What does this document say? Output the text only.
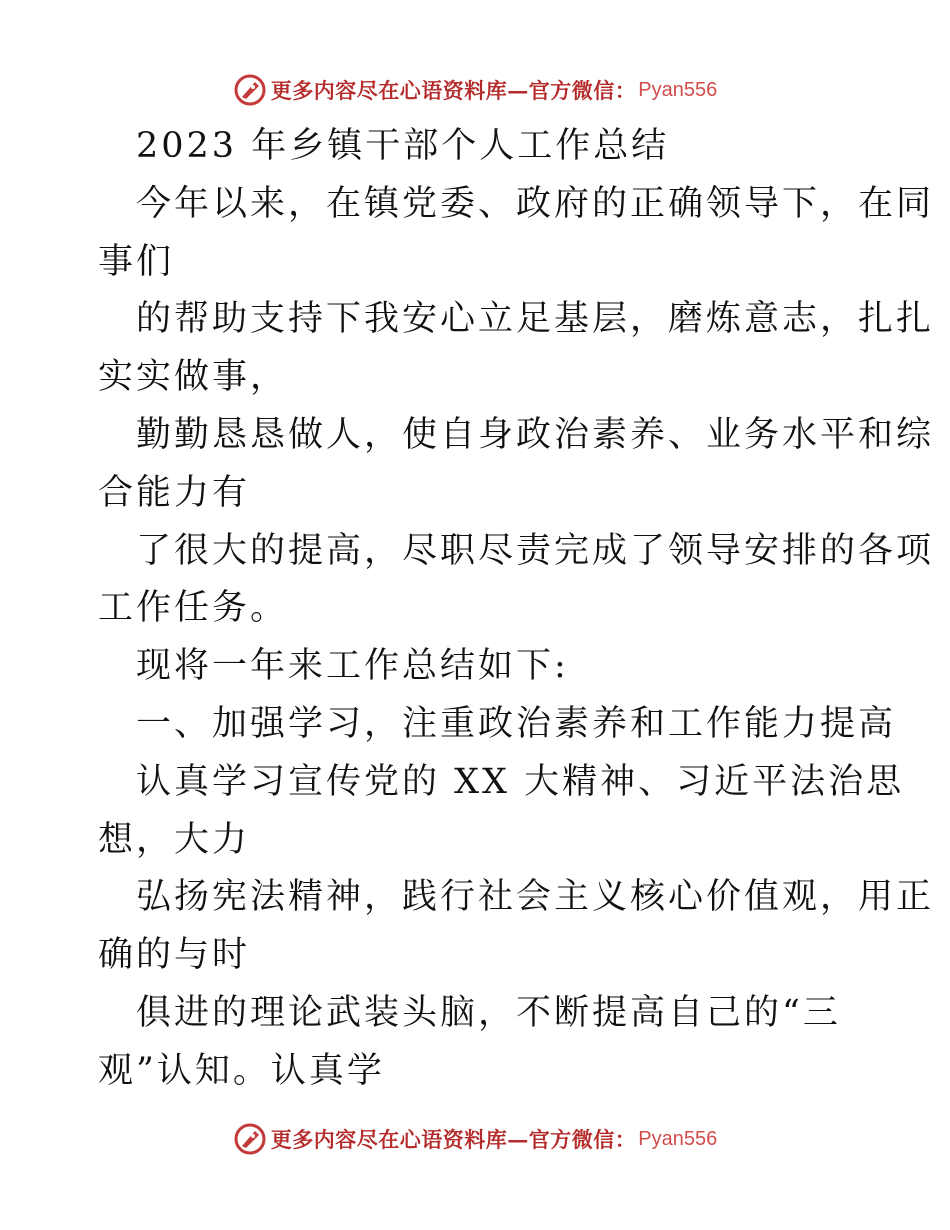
更多内容尽在心语资料库—官方微信： Pyan556
2023 年乡镇干部个人工作总结
今年以来，在镇党委、政府的正确领导下，在同
事们
的帮助支持下我安心立足基层，磨炼意志，扎扎
实实做事，
勤勤恳恳做人，使自身政治素养、业务水平和综
合能力有
了很大的提高，尽职尽责完成了领导安排的各项
工作任务。
现将一年来工作总结如下:
一、加强学习，注重政治素养和工作能力提高
认真学习宣传党的 XX 大精神、习近平法治思
想，大力
弘扬宪法精神，践行社会主义核心价值观，用正
确的与时
俱进的理论武装头脑，不断提高自己的“三
观”认知。认真学
更多内容尽在心语资料库—官方微信： Pyan556
